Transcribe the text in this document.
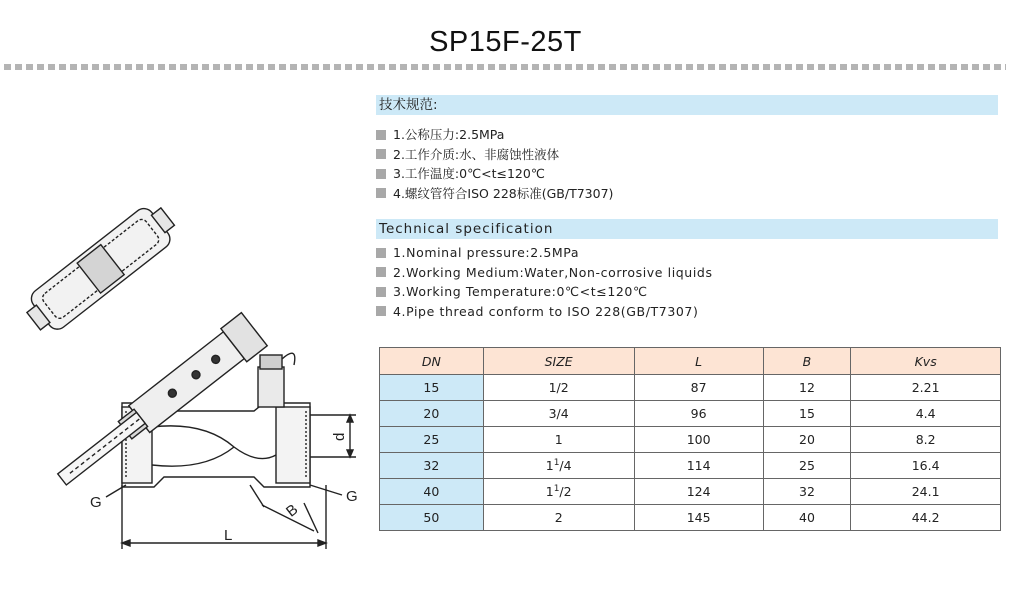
SP15F-25T
G	G
L
d
B
技术规范:
1.公称压力:2.5MPa
2.工作介质:水、非腐蚀性液体
3.工作温度:0℃<t≤120℃
4.螺纹管符合ISO 228标准(GB/T7307)
Technical specification
1.Nominal pressure:2.5MPa
2.Working Medium:Water,Non-corrosive liquids
3.Working Temperature:0℃<t≤120℃
4.Pipe thread conform to ISO 228(GB/T7307)
DN	SIZE	L	B	Kvs
15	1/2	87	12	2.21
20	3/4	96	15	4.4
25	1	100	20	8.2
32	$1^1/4$	114	25	16.4
40	$1^1/2$	124	32	24.1
50	2	145	40	44.2
